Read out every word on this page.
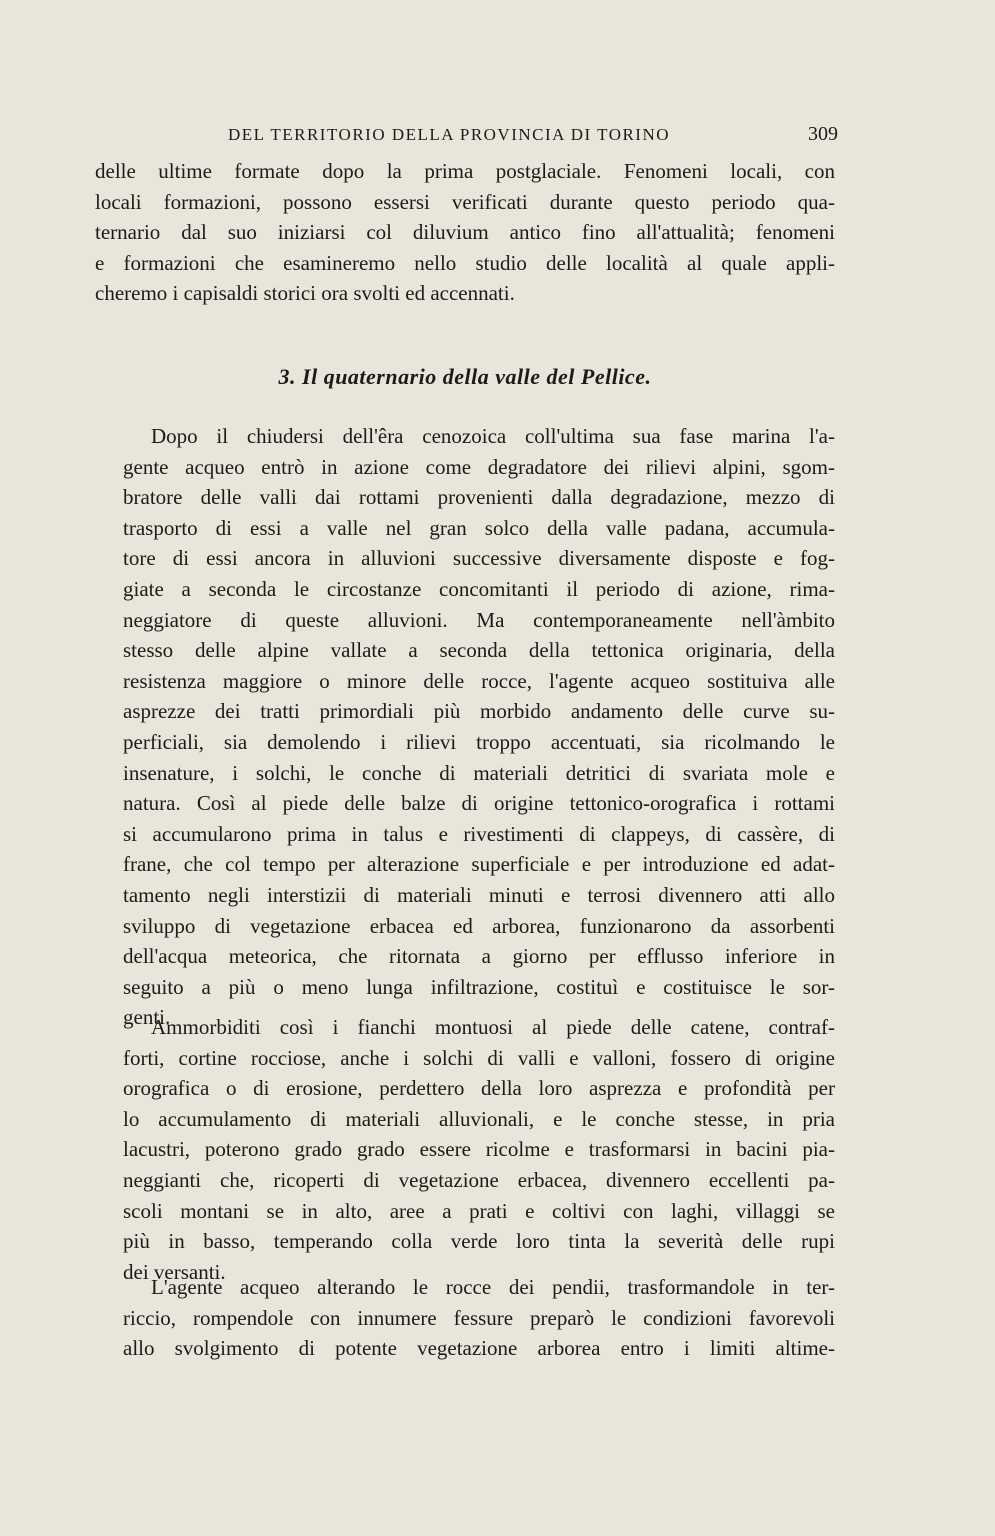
DEL TERRITORIO DELLA PROVINCIA DI TORINO	309
delle ultime formate dopo la prima postglaciale. Fenomeni locali, con
locali formazioni, possono essersi verificati durante questo periodo qua-
ternario dal suo iniziarsi col diluvium antico fino all'attualità; fenomeni
e formazioni che esamineremo nello studio delle località al quale appli-
cheremo i capisaldi storici ora svolti ed accennati.
3. Il quaternario della valle del Pellice.
Dopo il chiudersi dell'êra cenozoica coll'ultima sua fase marina l'a-
gente acqueo entrò in azione come degradatore dei rilievi alpini, sgom-
bratore delle valli dai rottami provenienti dalla degradazione, mezzo di
trasporto di essi a valle nel gran solco della valle padana, accumula-
tore di essi ancora in alluvioni successive diversamente disposte e fog-
giate a seconda le circostanze concomitanti il periodo di azione, rima-
neggiatore di queste alluvioni. Ma contemporaneamente nell'àmbito
stesso delle alpine vallate a seconda della tettonica originaria, della
resistenza maggiore o minore delle rocce, l'agente acqueo sostituiva alle
asprezze dei tratti primordiali più morbido andamento delle curve su-
perficiali, sia demolendo i rilievi troppo accentuati, sia ricolmando le
insenature, i solchi, le conche di materiali detritici di svariata mole e
natura. Così al piede delle balze di origine tettonico-orografica i rottami
si accumularono prima in talus e rivestimenti di clappeys, di cassère, di
frane, che col tempo per alterazione superficiale e per introduzione ed adat-
tamento negli interstizii di materiali minuti e terrosi divennero atti allo
sviluppo di vegetazione erbacea ed arborea, funzionarono da assorbenti
dell'acqua meteorica, che ritornata a giorno per efflusso inferiore in
seguito a più o meno lunga infiltrazione, costituì e costituisce le sor-
genti.
Ammorbiditi così i fianchi montuosi al piede delle catene, contraf-
forti, cortine rocciose, anche i solchi di valli e valloni, fossero di origine
orografica o di erosione, perdettero della loro asprezza e profondità per
lo accumulamento di materiali alluvionali, e le conche stesse, in pria
lacustri, poterono grado grado essere ricolme e trasformarsi in bacini pia-
neggianti che, ricoperti di vegetazione erbacea, divennero eccellenti pa-
scoli montani se in alto, aree a prati e coltivi con laghi, villaggi se
più in basso, temperando colla verde loro tinta la severità delle rupi
dei versanti.
L'agente acqueo alterando le rocce dei pendii, trasformandole in ter-
riccio, rompendole con innumere fessure preparò le condizioni favorevoli
allo svolgimento di potente vegetazione arborea entro i limiti altime-
